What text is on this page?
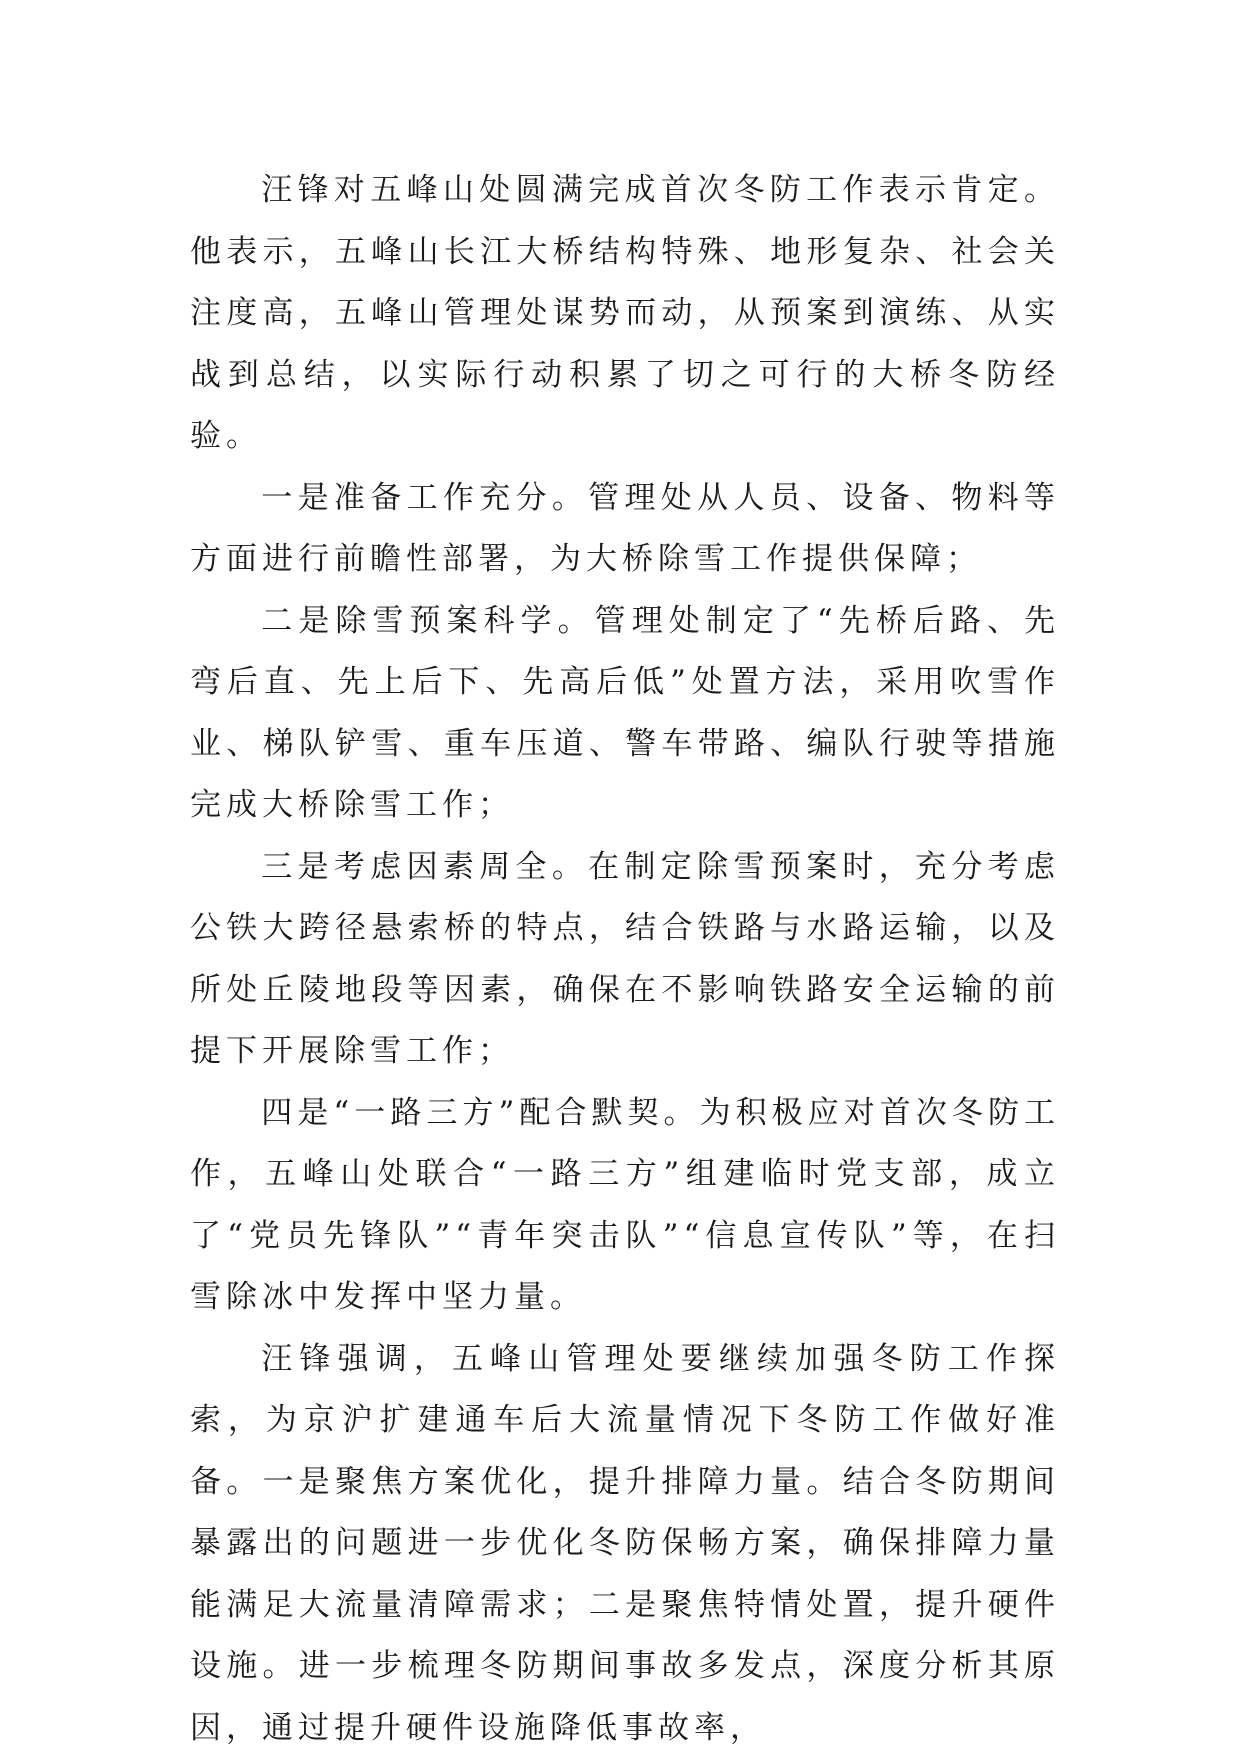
汪锋对五峰山处圆满完成首次冬防工作表示肯定。他表示，五峰山长江大桥结构特殊、地形复杂、社会关注度高，五峰山管理处谋势而动，从预案到演练、从实战到总结，以实际行动积累了切之可行的大桥冬防经验。

一是准备工作充分。管理处从人员、设备、物料等方面进行前瞻性部署，为大桥除雪工作提供保障；

二是除雪预案科学。管理处制定了“先桥后路、先弯后直、先上后下、先高后低”处置方法，采用吹雪作业、梯队铲雪、重车压道、警车带路、编队行驶等措施完成大桥除雪工作；

三是考虑因素周全。在制定除雪预案时，充分考虑公铁大跨径悬索桥的特点，结合铁路与水路运输，以及所处丘陵地段等因素，确保在不影响铁路安全运输的前提下开展除雪工作；

四是“一路三方”配合默契。为积极应对首次冬防工作，五峰山处联合“一路三方”组建临时党支部，成立了“党员先锋队”“青年突击队”“信息宣传队”等，在扫雪除冰中发挥中坚力量。

汪锋强调，五峰山管理处要继续加强冬防工作探索，为京沪扩建通车后大流量情况下冬防工作做好准备。一是聚焦方案优化，提升排障力量。结合冬防期间暴露出的问题进一步优化冬防保畅方案，确保排障力量能满足大流量清障需求；二是聚焦特情处置，提升硬件设施。进一步梳理冬防期间事故多发点，深度分析其原因，通过提升硬件设施降低事故率，
